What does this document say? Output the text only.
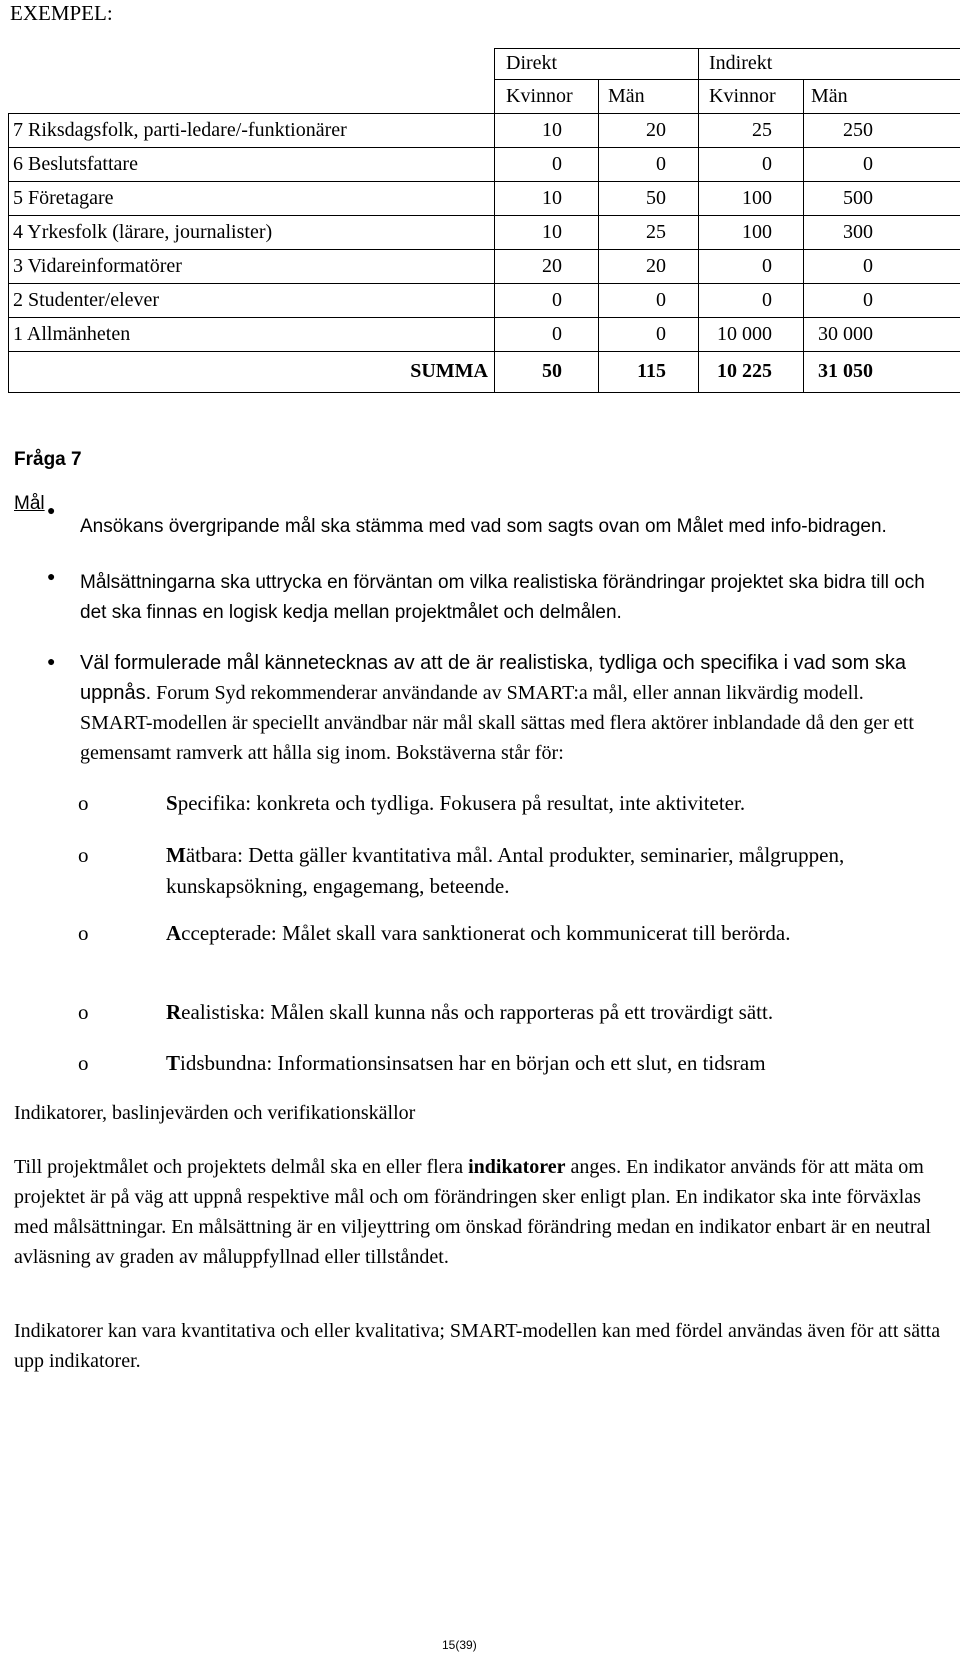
EXEMPEL:
Direkt	Indirekt
Kvinnor Män	Kvinnor Män
7 Riksdagsfolk, parti-ledare/-funktionärer	10	20	25	250
6 Beslutsfattare	0	0	0	0
5 Företagare	10	50	100	500
4 Yrkesfolk (lärare, journalister)	10	25	100	300
3 Vidareinformatörer	20	20	0	0
2 Studenter/elever	0	0	0	0
1 Allmänheten	0	0	10 000	30 000
SUMMA	50	115	10 225	31 050
Fråga 7
Mål ●
Ansökans övergripande mål ska stämma med vad som sagts ovan om Målet med info-bidragen.
● Målsättningarna ska uttrycka en förväntan om vilka realistiska förändringar projektet ska bidra till och det ska finnas en logisk kedja mellan projektmålet och delmålen.
● Väl formulerade mål kännetecknas av att de är realistiska, tydliga och specifika i vad som ska uppnås. Forum Syd rekommenderar användande av SMART:a mål, eller annan likvärdig modell. SMART-modellen är speciellt användbar när mål skall sättas med flera aktörer inblandade då den ger ett gemensamt ramverk att hålla sig inom. Bokstäverna står för:
o	Specifika: konkreta och tydliga. Fokusera på resultat, inte aktiviteter.
o	Mätbara: Detta gäller kvantitativa mål. Antal produkter, seminarier, målgruppen, kunskapsökning, engagemang, beteende.
o	Accepterade: Målet skall vara sanktionerat och kommunicerat till berörda.
o	Realistiska: Målen skall kunna nås och rapporteras på ett trovärdigt sätt.
o	Tidsbundna: Informationsinsatsen har en början och ett slut, en tidsram
Indikatorer, baslinjevärden och verifikationskällor
Till projektmålet och projektets delmål ska en eller flera indikatorer anges. En indikator används för att mäta om projektet är på väg att uppnå respektive mål och om förändringen sker enligt plan. En indikator ska inte förväxlas med målsättningar. En målsättning är en viljeyttring om önskad förändring medan en indikator enbart är en neutral avläsning av graden av måluppfyllnad eller tillståndet.
Indikatorer kan vara kvantitativa och eller kvalitativa; SMART-modellen kan med fördel användas även för att sätta upp indikatorer.
15(39)
